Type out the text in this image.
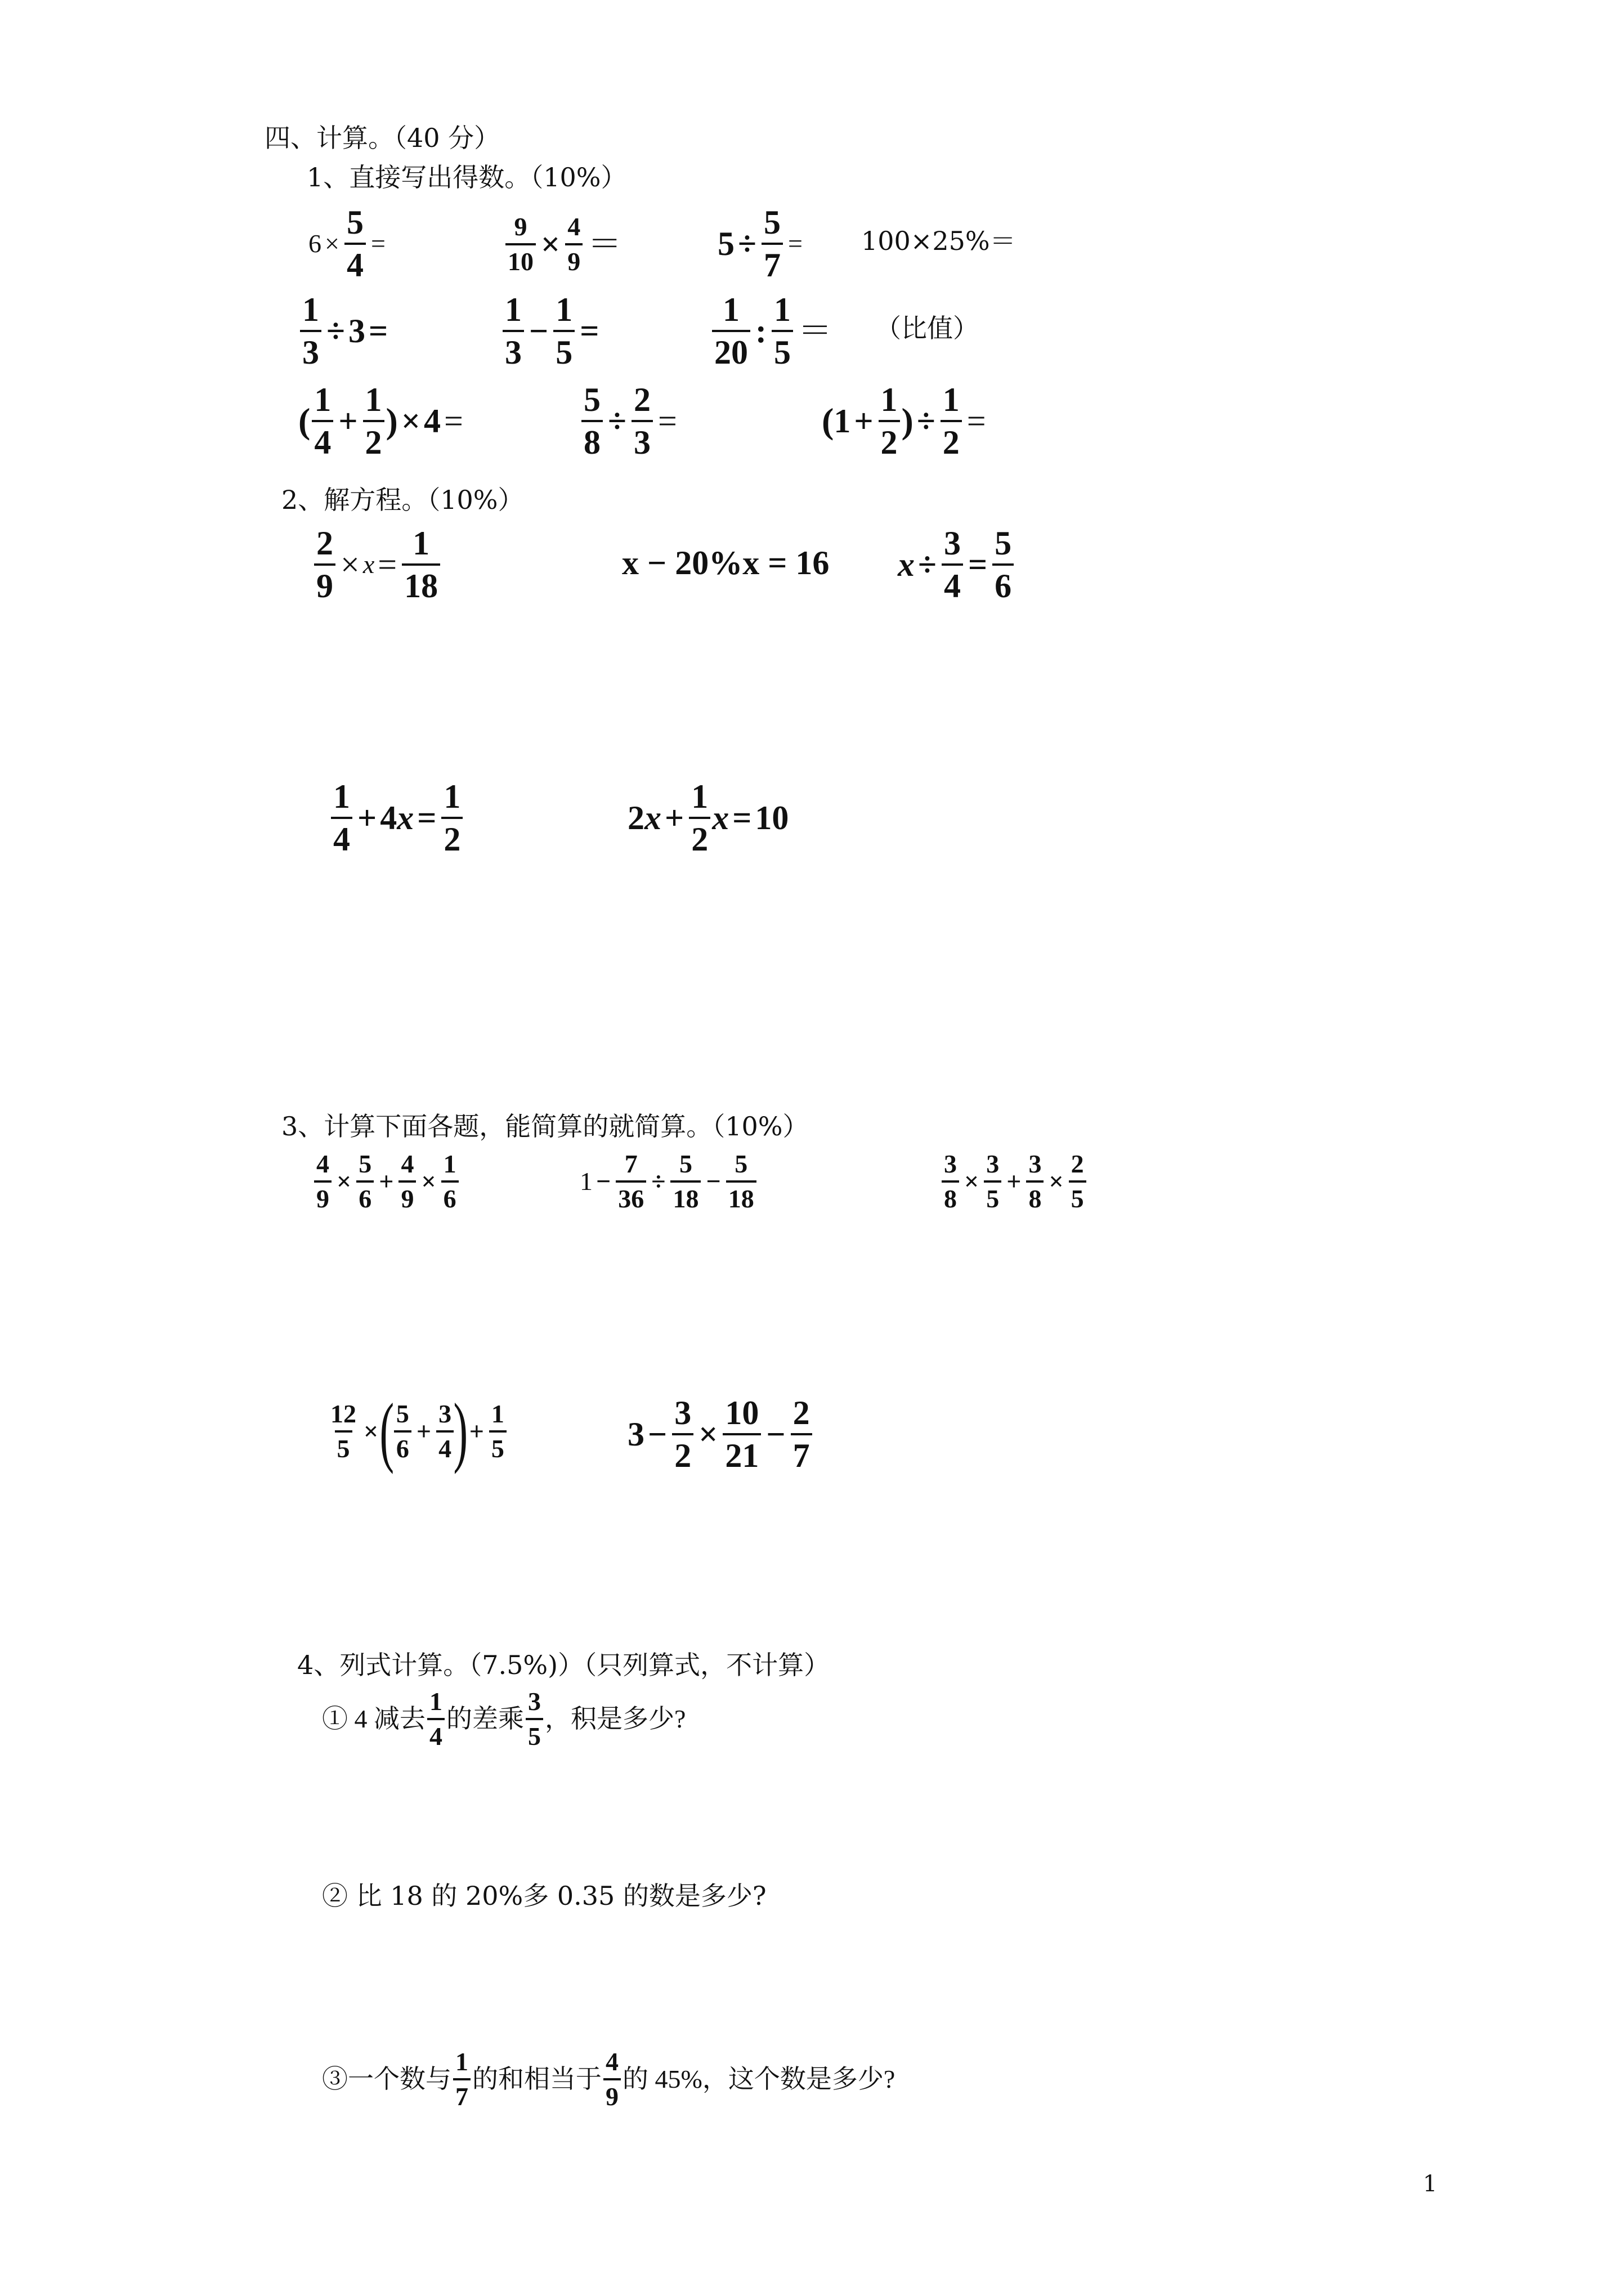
四、计算。（40 分）
1、直接写出得数。（10%）
$6 \times \frac{5}{4}$ =	$\frac{9}{10} \times \frac{4}{9}$ ＝	$5 \div \frac{5}{7} = 100\times 25\%=$
$\frac{1}{3} \div 3$ =	$\frac{1}{3} - \frac{1}{5}$ =	$\frac{1}{20}$ : $\frac{1}{5}$ ＝ （比值）
( $\frac{1}{4} + \frac{1}{2}$ ) × 4 =	$\frac{5}{8} \div \frac{2}{3}$ =	( $1 + \frac{1}{2}$ ) ÷ $\frac{1}{2}$ =
2、解方程。（10%）
$\frac{2}{9} \times x = \frac{1}{18}$	x − 20%x = 16 $x \div \frac{3}{4} = \frac{5}{6}$
$\frac{1}{4} + 4$ $x = \frac{1}{2}$	2 $x + \frac{1}{2}$ x = 10
3、计算下面各题，能简算的就简算。（10%）
$\frac{4}{9} \times \frac{5}{6} + \frac{4}{9} \times \frac{1}{6}$	$1 - \frac{7}{36} \div \frac{5}{18} - \frac{5}{18}$	$\frac{3}{8} \times \frac{3}{5} + \frac{3}{8} \times \frac{2}{5}$
$\frac{12}{5}$ × ( $\frac{5}{6} + \frac{3}{4}$ ) + $\frac{1}{5}$	$3 - \frac{3}{2} \times \frac{10}{21} - \frac{2}{7}$
4、列式计算。（7.5%)）（只列算式，不计算）
① 4 减去 $\frac{1}{4}$ 的差乘 $\frac{3}{5}$ ，积是多少?
② 比 18 的 20%多 0.35 的数是多少?
③一个数与 $\frac{1}{7}$ 的和相当于 $\frac{4}{9}$ 的 45%，这个数是多少?
1
